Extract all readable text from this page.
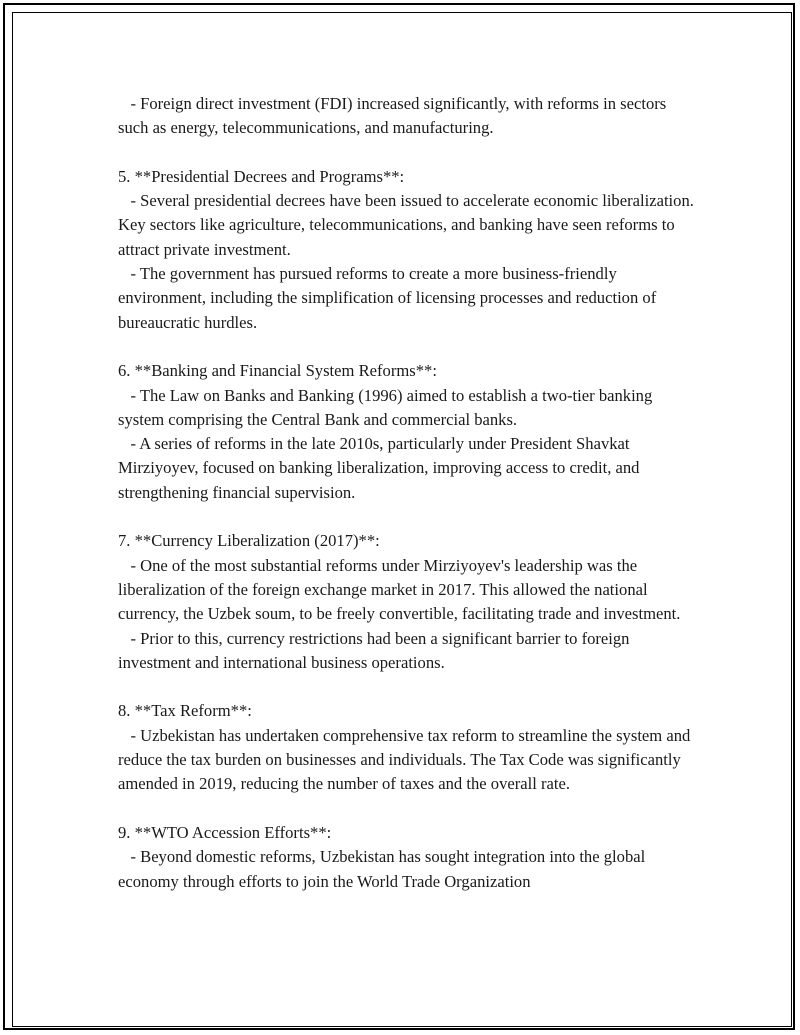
- Foreign direct investment (FDI) increased significantly, with reforms in sectors such as energy, telecommunications, and manufacturing.

5. **Presidential Decrees and Programs**:

- Several presidential decrees have been issued to accelerate economic liberalization. Key sectors like agriculture, telecommunications, and banking have seen reforms to attract private investment.

- The government has pursued reforms to create a more business-friendly environment, including the simplification of licensing processes and reduction of bureaucratic hurdles.

6. **Banking and Financial System Reforms**:

- The Law on Banks and Banking (1996) aimed to establish a two-tier banking system comprising the Central Bank and commercial banks.

- A series of reforms in the late 2010s, particularly under President Shavkat Mirziyoyev, focused on banking liberalization, improving access to credit, and strengthening financial supervision.

7. **Currency Liberalization (2017)**:

- One of the most substantial reforms under Mirziyoyev's leadership was the liberalization of the foreign exchange market in 2017. This allowed the national currency, the Uzbek soum, to be freely convertible, facilitating trade and investment.

- Prior to this, currency restrictions had been a significant barrier to foreign investment and international business operations.

8. **Tax Reform**:

- Uzbekistan has undertaken comprehensive tax reform to streamline the system and reduce the tax burden on businesses and individuals. The Tax Code was significantly amended in 2019, reducing the number of taxes and the overall rate.

9. **WTO Accession Efforts**:

- Beyond domestic reforms, Uzbekistan has sought integration into the global economy through efforts to join the World Trade Organization
